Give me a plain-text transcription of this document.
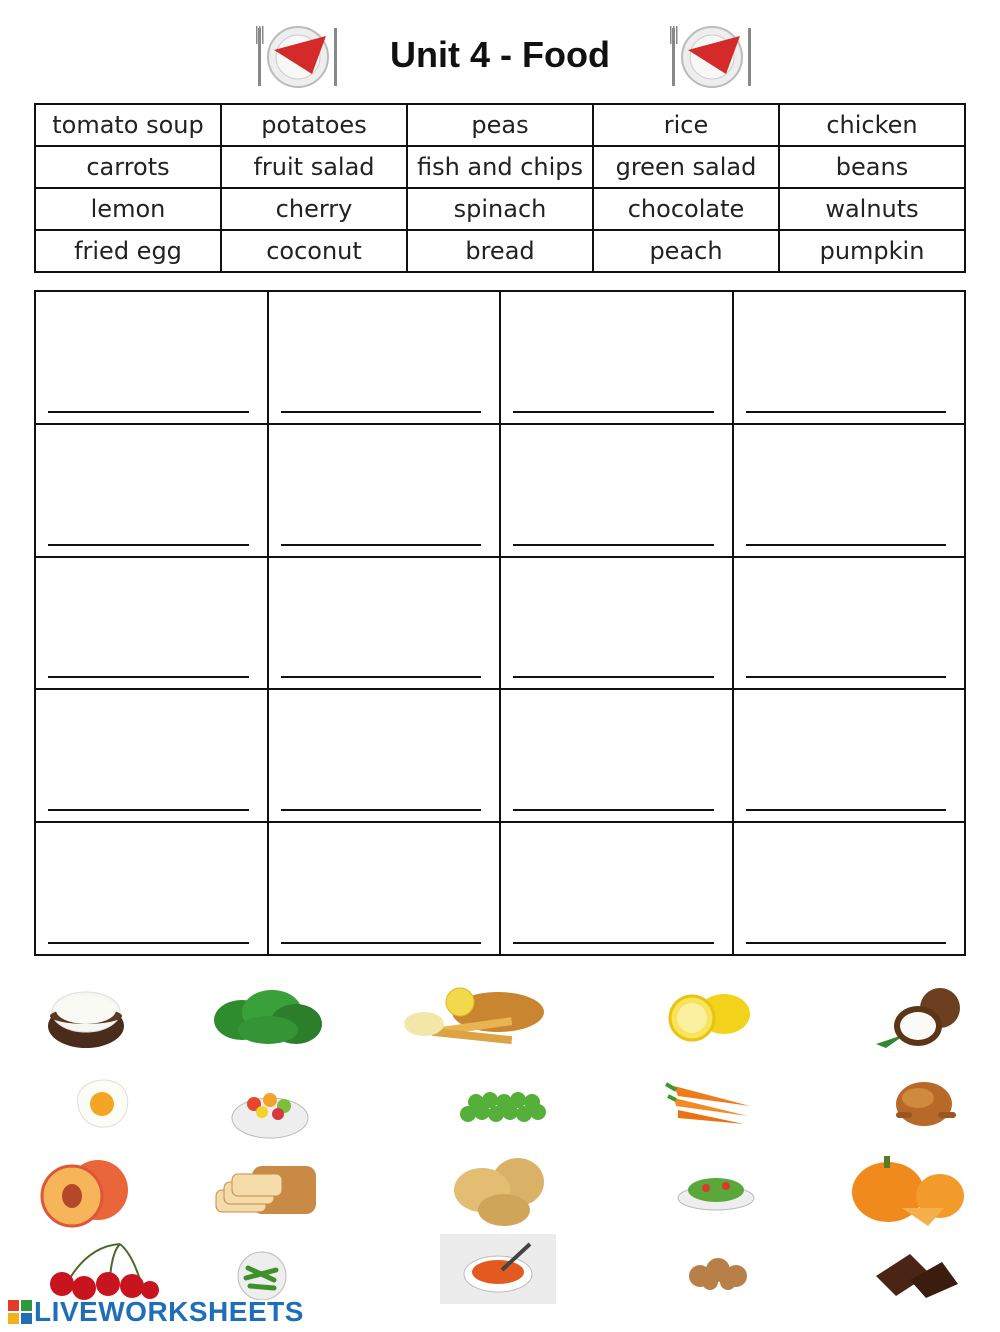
Unit 4 - Food
tomato soup	potatoes	peas	rice	chicken
carrots	fruit salad	fish and chips	green salad	beans
lemon	cherry	spinach	chocolate	walnuts
fried egg	coconut	bread	peach	pumpkin

LIVEWORKSHEETS
